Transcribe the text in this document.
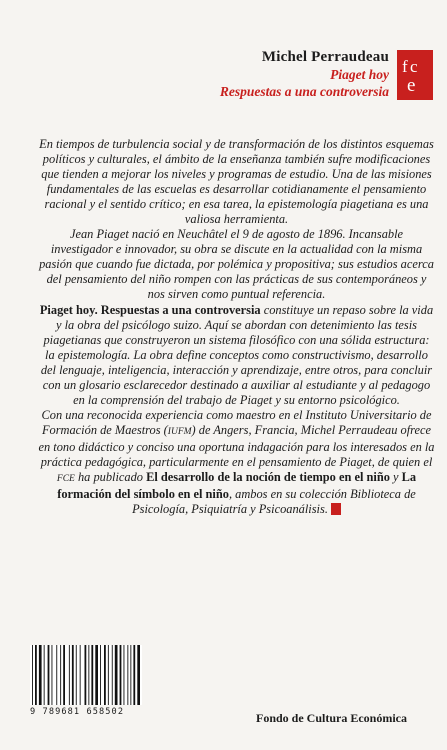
Michel Perraudeau
Piaget hoy
Respuestas a una controversia
f c
e

En tiempos de turbulencia social y de transformación de los distintos esquemas políticos y culturales, el ámbito de la enseñanza también sufre modificaciones que tienden a mejorar los niveles y programas de estudio. Una de las misiones fundamentales de las escuelas es desarrollar cotidianamente el pensamiento racional y el sentido crítico; en esa tarea, la epistemología piagetiana es una valiosa herramienta.

Jean Piaget nació en Neuchâtel el 9 de agosto de 1896. Incansable investigador e innovador, su obra se discute en la actualidad con la misma pasión que cuando fue dictada, por polémica y propositiva; sus estudios acerca del pensamiento del niño rompen con las prácticas de sus contemporáneos y nos sirven como puntual referencia.

Piaget hoy. Respuestas a una controversia constituye un repaso sobre la vida y la obra del psicólogo suizo. Aquí se abordan con detenimiento las tesis piagetianas que construyeron un sistema filosófico con una sólida estructura: la epistemología. La obra define conceptos como constructivismo, desarrollo del lenguaje, inteligencia, interacción y aprendizaje, entre otros, para concluir con un glosario esclarecedor destinado a auxiliar al estudiante y al pedagogo en la comprensión del trabajo de Piaget y su entorno psicológico.

Con una reconocida experiencia como maestro en el Instituto Universitario de Formación de Maestros (IUFM) de Angers, Francia, Michel Perraudeau ofrece en tono didáctico y conciso una oportuna indagación para los interesados en la práctica pedagógica, particularmente en el pensamiento de Piaget, de quien el FCE ha publicado El desarrollo de la noción de tiempo en el niño y La formación del símbolo en el niño, ambos en su colección Biblioteca de Psicología, Psiquiatría y Psicoanálisis.

9 789681 658502	Fondo de Cultura Económica
